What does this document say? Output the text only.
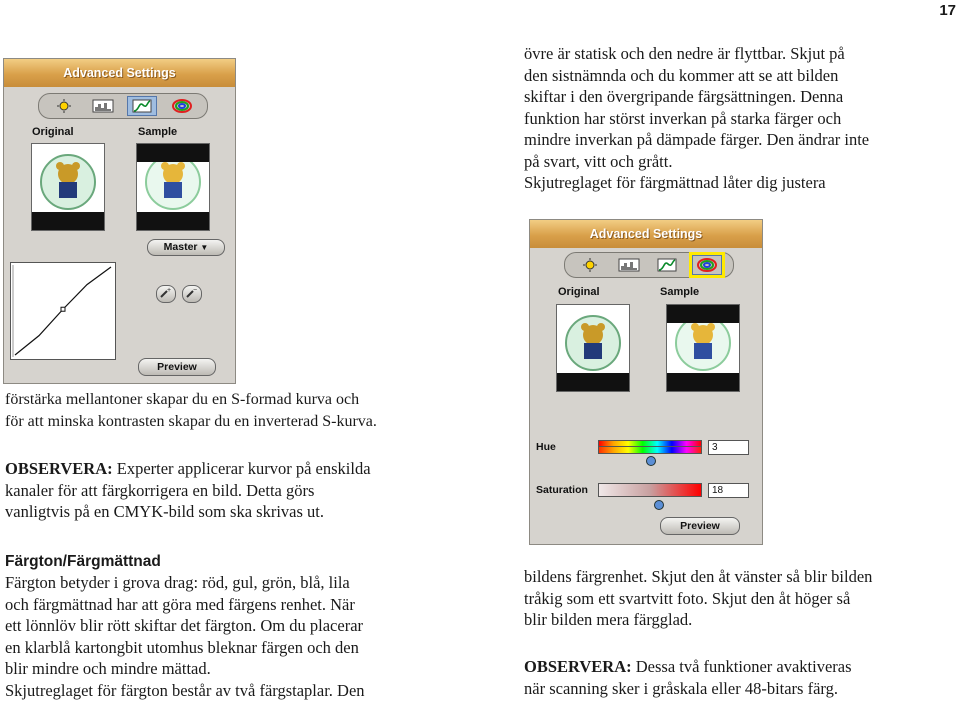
17
Advanced Settings
Original	Sample
Master ▼
+	−
Preview
Advanced Settings
Original	Sample
Hue	3
Saturation	18
Preview

övre är statisk och den nedre är flyttbar. Skjut på

den sistnämnda och du kommer att se att bilden

skiftar i den övergripande färgsättningen. Denna

funktion har störst inverkan på starka färger och

mindre inverkan på dämpade färger. Den ändrar inte

på svart, vitt och grått.

Skjutreglaget för färgmättnad låter dig justera

förstärka mellantoner skapar du en S-formad kurva och

för att minska kontrasten skapar du en inverterad S-kurva.

OBSERVERA: Experter applicerar kurvor på enskilda

kanaler för att färgkorrigera en bild. Detta görs

vanligtvis på en CMYK-bild som ska skrivas ut.

Färgton/Färgmättnad

Färgton betyder i grova drag: röd, gul, grön, blå, lila

och färgmättnad har att göra med färgens renhet. När

ett lönnlöv blir rött skiftar det färgton. Om du placerar

en klarblå kartongbit utomhus bleknar färgen och den

blir mindre och mindre mättad.

Skjutreglaget för färgton består av två färgstaplar. Den

bildens färgrenhet. Skjut den åt vänster så blir bilden

tråkig som ett svartvitt foto. Skjut den åt höger så

blir bilden mera färgglad.

OBSERVERA: Dessa två funktioner avaktiveras

när scanning sker i gråskala eller 48-bitars färg.
